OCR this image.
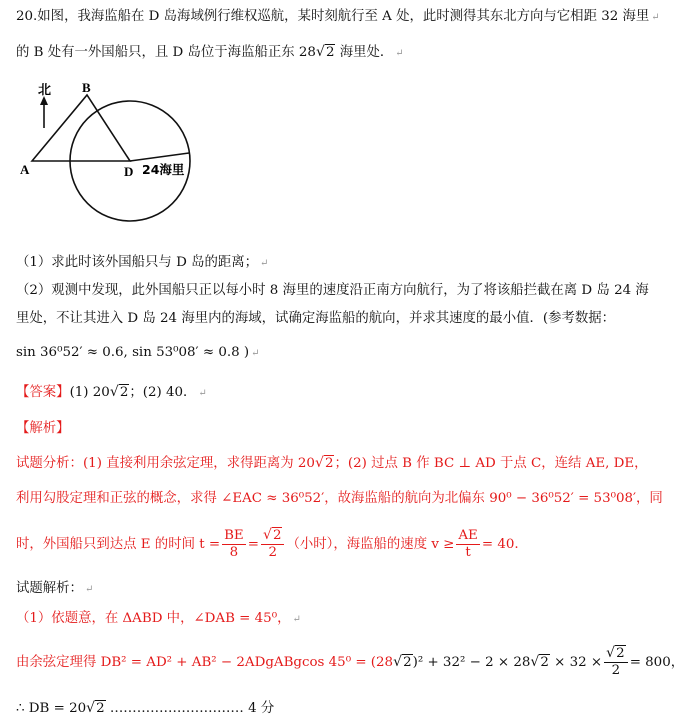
20.如图，我海监船在 D 岛海域例行维权巡航，某时刻航行至 A 处，此时测得其东北方向与它相距 32 海里 ↵
的 B 处有一外国船只，且 D 岛位于海监船正东 28 √ 2 海里处． ↵
北
A
B
D 24海里
（1）求此时该外国船只与 D 岛的距离； ↵
（2）观测中发现，此外国船只正以每小时 8 海里的速度沿正南方向航行，为了将该船拦截在离 D 岛 24 海
里处，不让其进入 D 岛 24 海里内的海域，试确定海监船的航向，并求其速度的最小值．(参考数据：
sin 36⁰52′ ≈ 0.6, sin 53⁰08′ ≈ 0.8 ) ↵
【答案】(1) 20 √ 2；(2) 40． ↵
【解析】
试题分析：(1) 直接利用余弦定理，求得距离为 20 √ 2；(2) 过点 B 作 BC ⊥ AD 于点 C，连结 AE, DE，
利用勾股定理和正弦的概念，求得 ∠EAC ≈ 36⁰52′，故海监船的航向为北偏东 90⁰ − 36⁰52′ = 53⁰08′，同
时，外国船只到达点 E 的时间 $t = \frac{BE}{8}$ = √ $\frac{2}{2}$ （小时），海监船的速度 $v \ge \frac{AE}{t} = 40$.
试题解析： ↵
（1）依题意，在 ΔABD 中，∠DAB = 45⁰， ↵
由余弦定理得 DB² = AD² + AB² − 2ADgABgcos 45⁰ = (28 √ 2)² + 32² − 2 × 28 √ 2 × 32 × √ $\frac{2}{2} = 800$，
∴ DB = 20 √ 2 ………………………… 4 分
